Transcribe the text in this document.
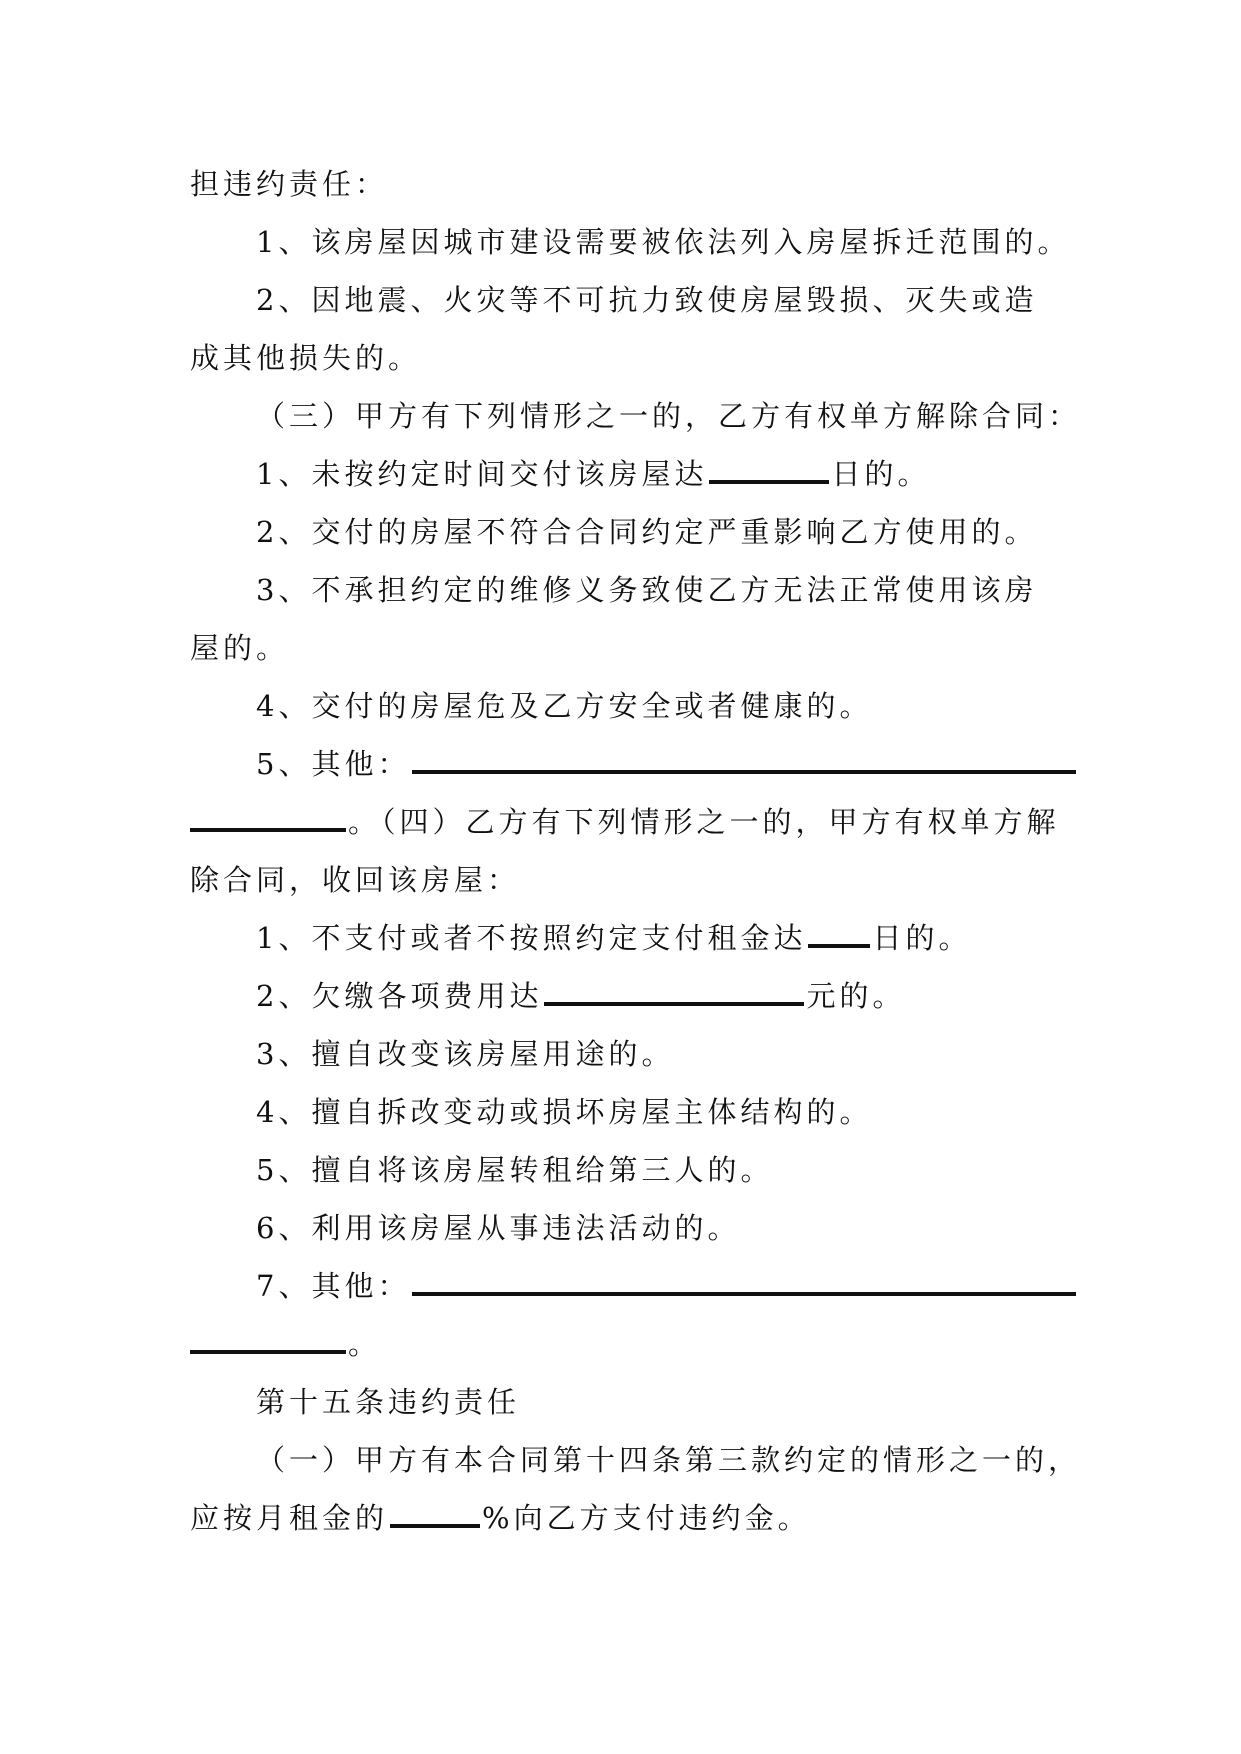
担违约责任：
1、该房屋因城市建设需要被依法列入房屋拆迁范围的。
2、因地震、火灾等不可抗力致使房屋毁损、灭失或造
成其他损失的。
（三）甲方有下列情形之一的，乙方有权单方解除合同：
1、未按约定时间交付该房屋达	日的。
2、交付的房屋不符合合同约定严重影响乙方使用的。
3、不承担约定的维修义务致使乙方无法正常使用该房
屋的。
4、交付的房屋危及乙方安全或者健康的。
5、其他：
。（四）乙方有下列情形之一的，甲方有权单方解
除合同，收回该房屋：
1、不支付或者不按照约定支付租金达 日的。
2、欠缴各项费用达	元的。
3、擅自改变该房屋用途的。
4、擅自拆改变动或损坏房屋主体结构的。
5、擅自将该房屋转租给第三人的。
6、利用该房屋从事违法活动的。
7、其他：
。
第十五条违约责任
（一）甲方有本合同第十四条第三款约定的情形之一的，
应按月租金的	%向乙方支付违约金。
